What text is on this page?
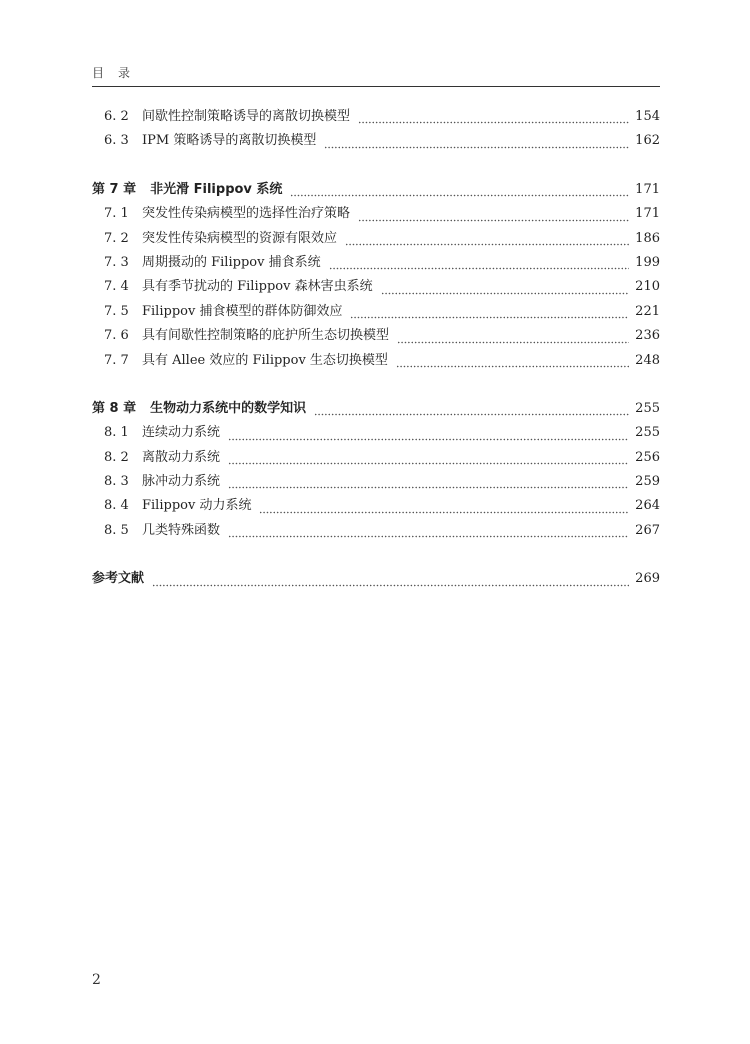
目录
6. 2	间歇性控制策略诱导的离散切换模型	154
6. 3	IPM 策略诱导的离散切换模型	162
第 7 章 非光滑 Filippov 系统	171
7. 1	突发性传染病模型的选择性治疗策略	171
7. 2	突发性传染病模型的资源有限效应	186
7. 3	周期摄动的 Filippov 捕食系统	199
7. 4	具有季节扰动的 Filippov 森林害虫系统	210
7. 5	Filippov 捕食模型的群体防御效应	221
7. 6	具有间歇性控制策略的庇护所生态切换模型	236
7. 7	具有 Allee 效应的 Filippov 生态切换模型	248
第 8 章 生物动力系统中的数学知识	255
8. 1	连续动力系统	255
8. 2	离散动力系统	256
8. 3	脉冲动力系统	259
8. 4	Filippov 动力系统	264
8. 5	几类特殊函数	267
参考文献	269
2
